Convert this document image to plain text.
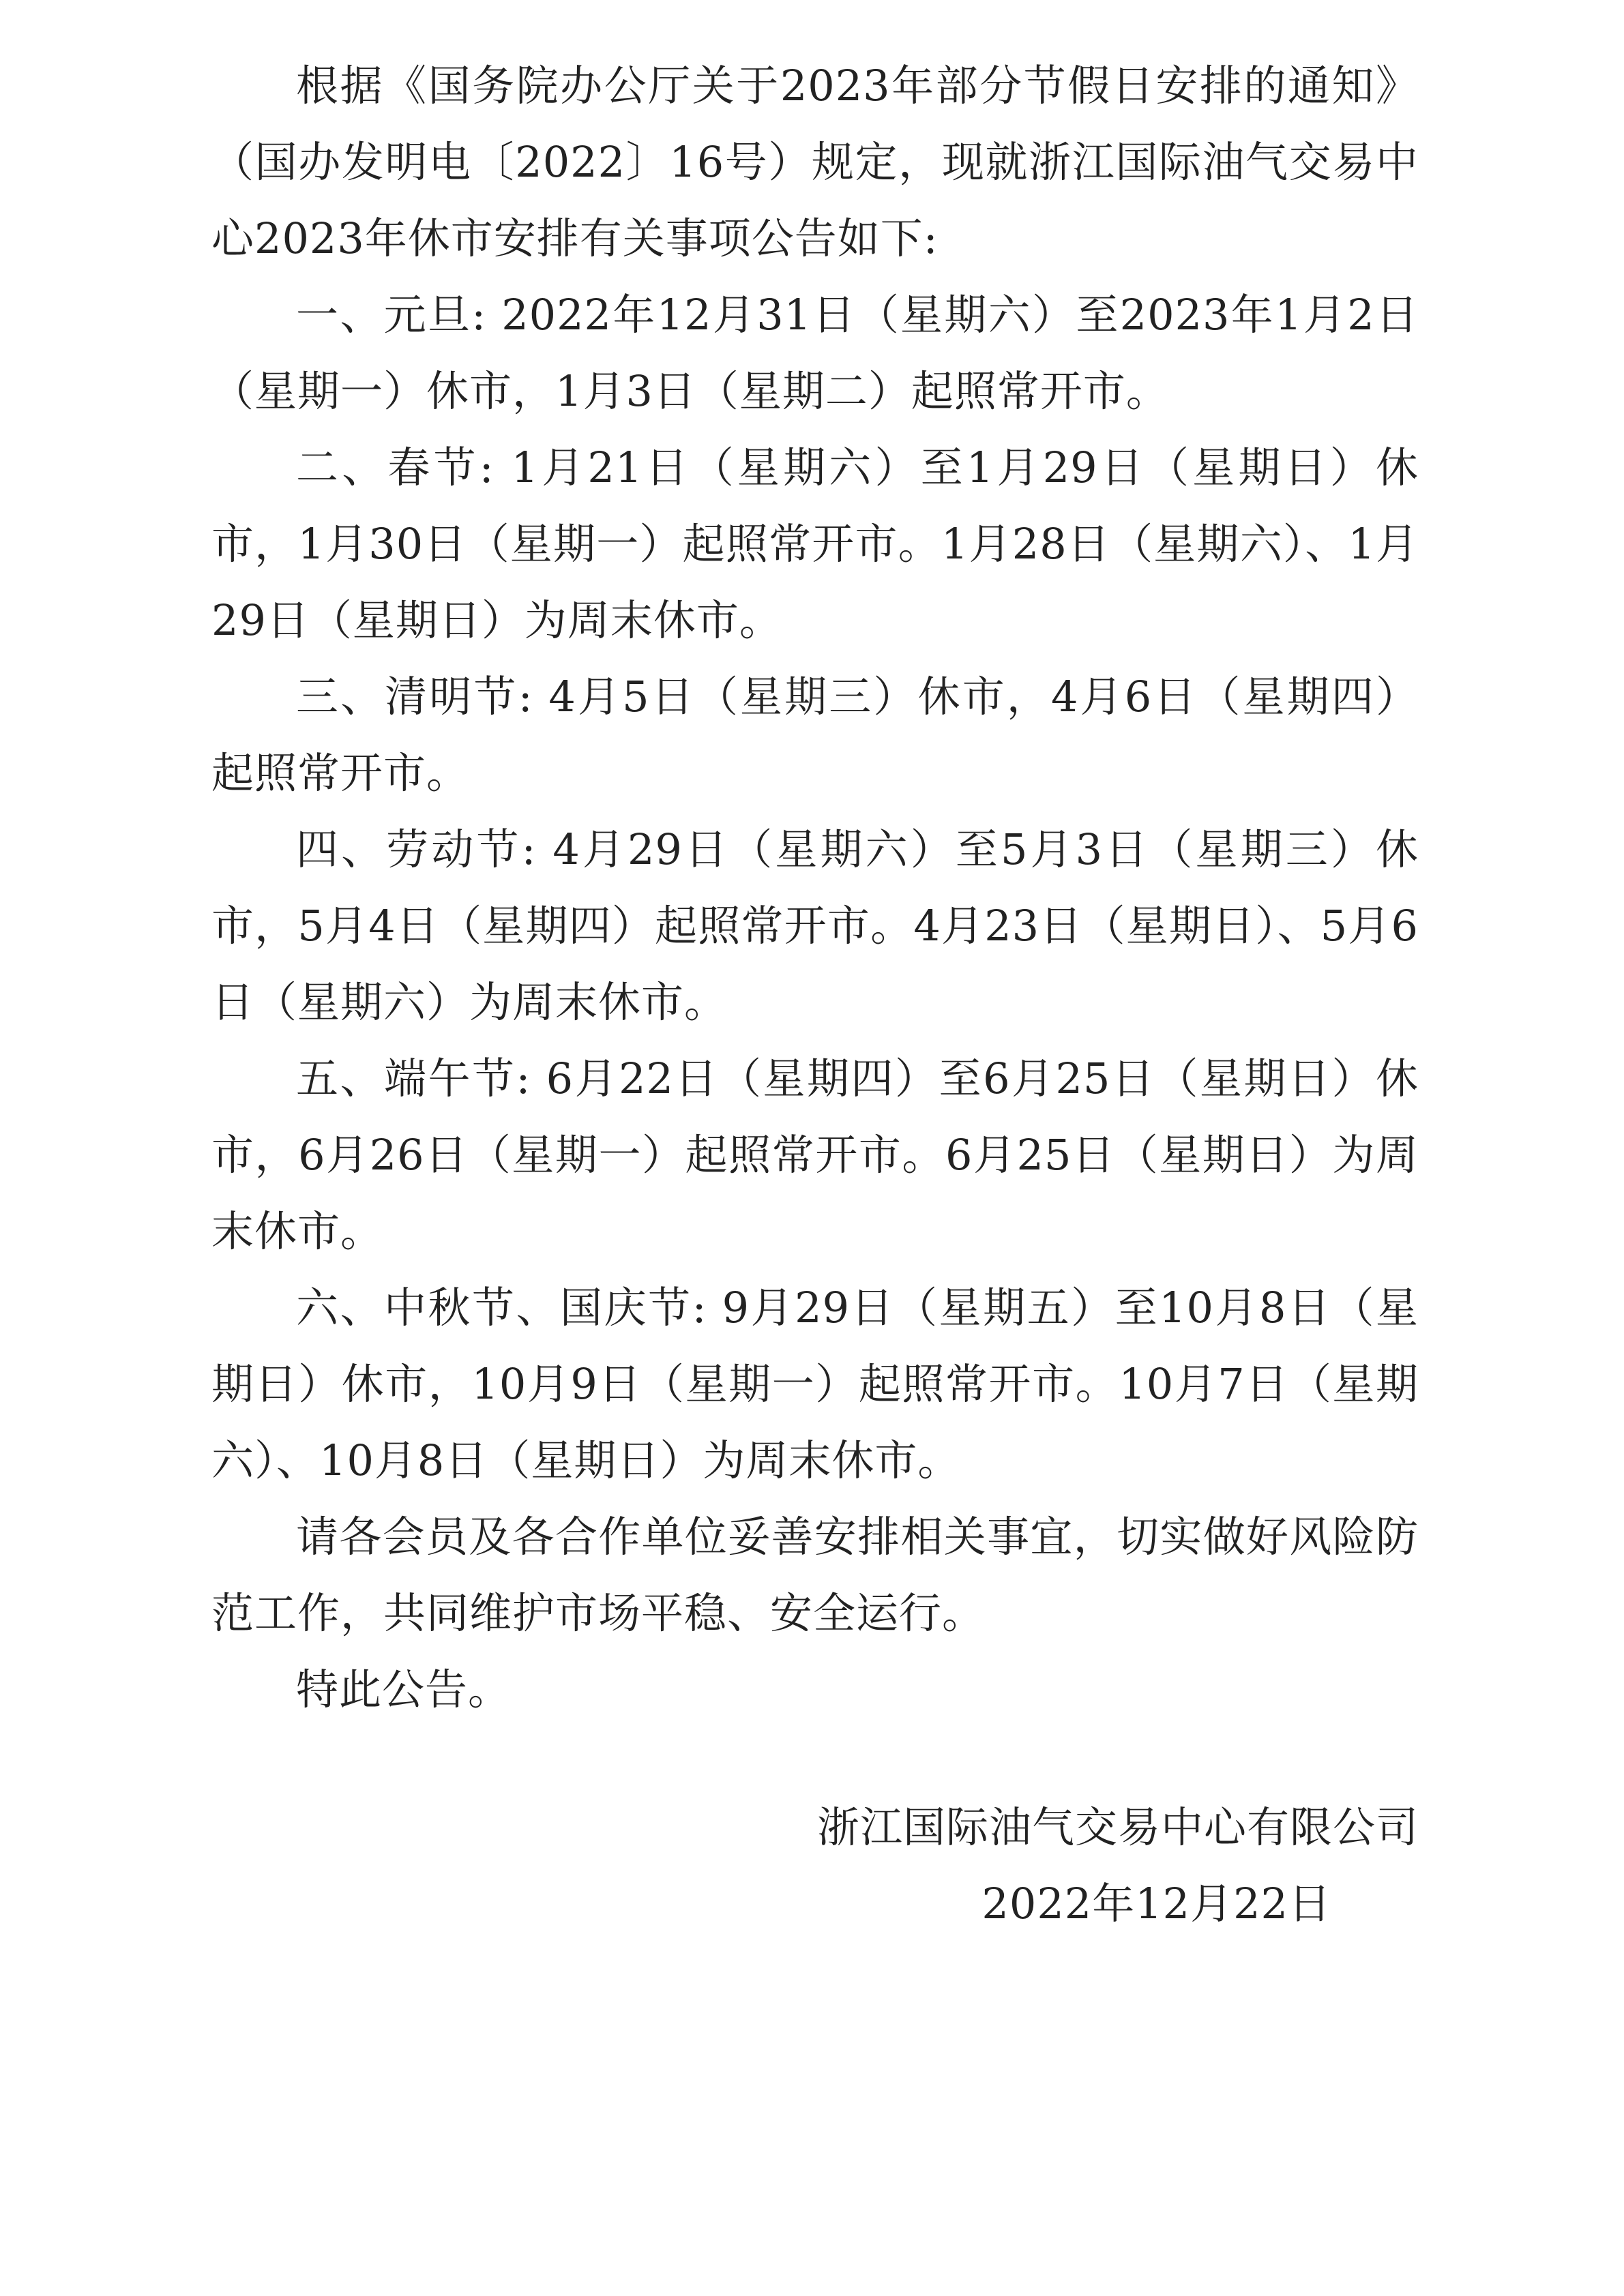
根据《国务院办公厅关于2023年部分节假日安排的通知》（国办发明电〔2022〕16号）规定，现就浙江国际油气交易中心2023年休市安排有关事项公告如下:

一、元旦: 2022年12月31日（星期六）至2023年1月2日（星期一）休市，1月3日（星期二）起照常开市。

二、春节: 1月21日（星期六）至1月29日（星期日）休市，1月30日（星期一）起照常开市。1月28日（星期六）、1月29日（星期日）为周末休市。

三、清明节: 4月5日（星期三）休市，4月6日（星期四）起照常开市。

四、劳动节: 4月29日（星期六）至5月3日（星期三）休市，5月4日（星期四）起照常开市。4月23日（星期日）、5月6日（星期六）为周末休市。

五、端午节: 6月22日（星期四）至6月25日（星期日）休市，6月26日（星期一）起照常开市。6月25日（星期日）为周末休市。

六、中秋节、国庆节: 9月29日（星期五）至10月8日（星期日）休市，10月9日（星期一）起照常开市。10月7日（星期六）、10月8日（星期日）为周末休市。

请各会员及各合作单位妥善安排相关事宜，切实做好风险防范工作，共同维护市场平稳、安全运行。

特此公告。

浙江国际油气交易中心有限公司

2022年12月22日
